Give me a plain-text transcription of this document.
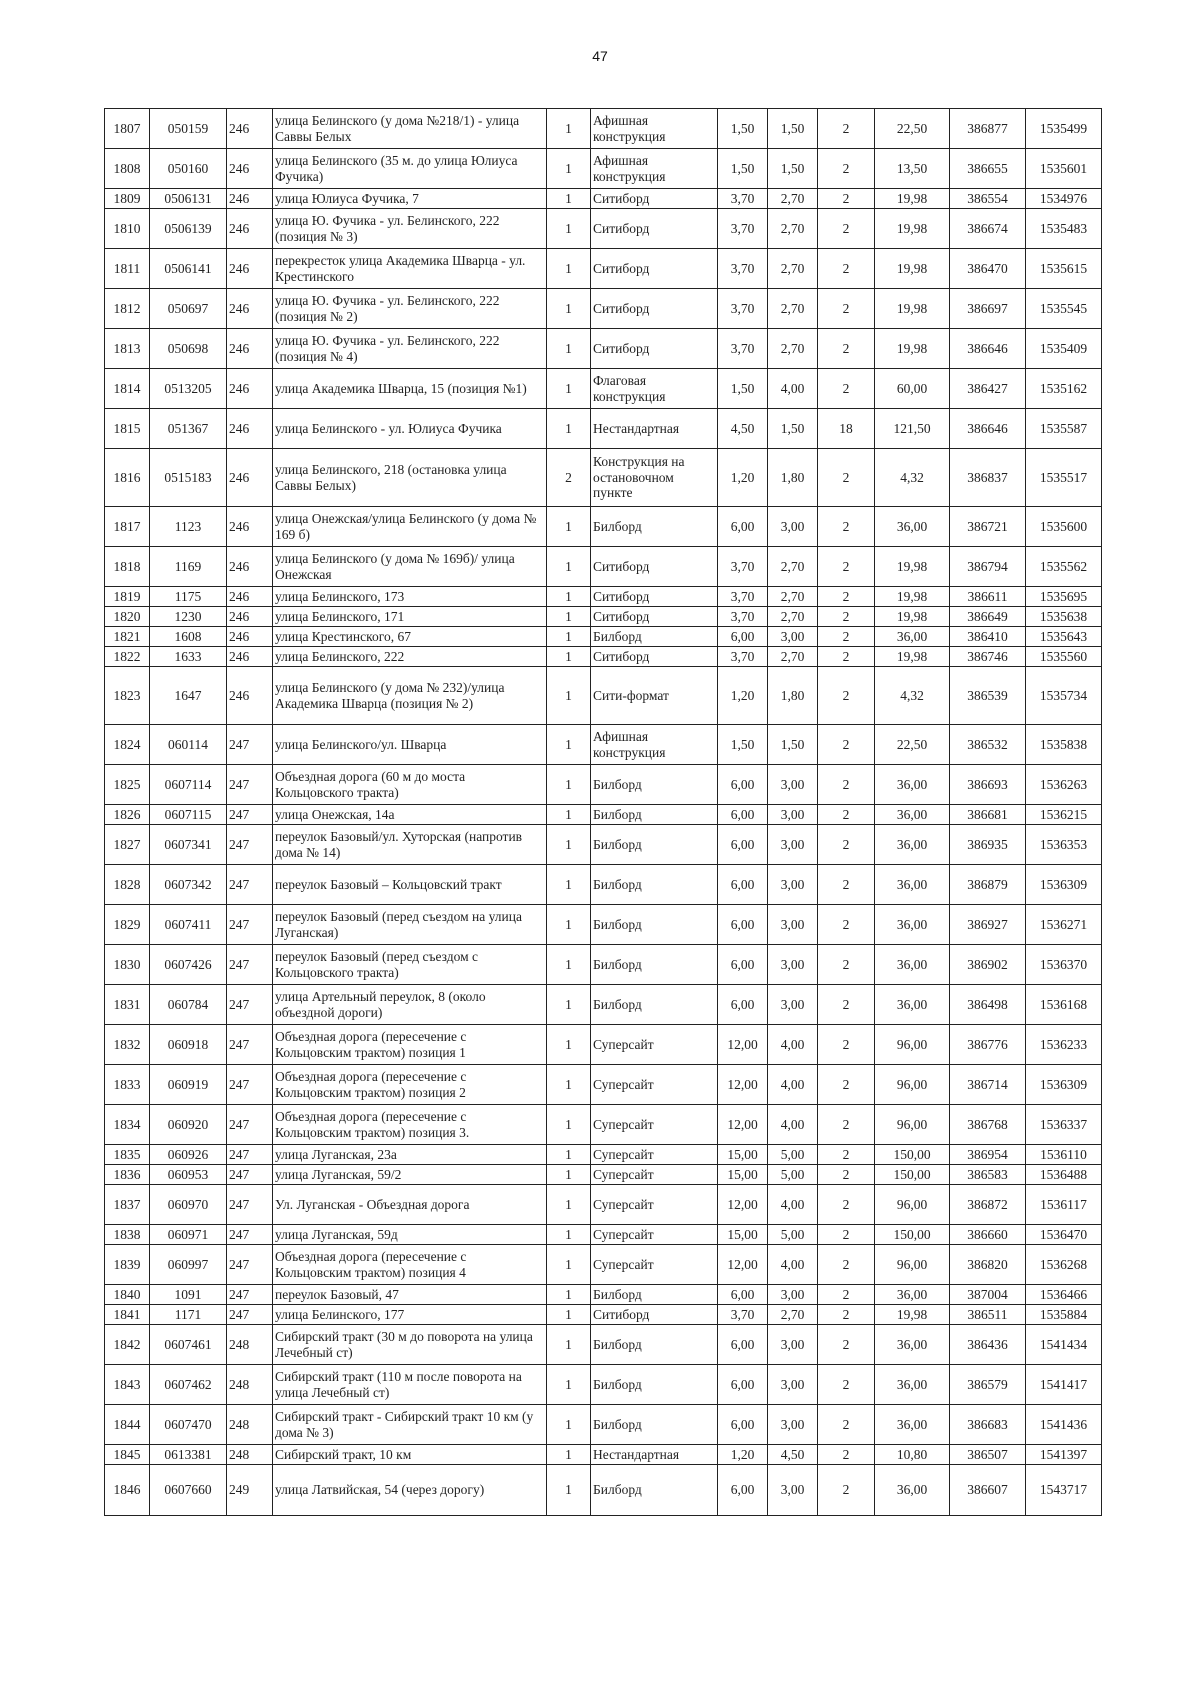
47
1807	050159	246	улица Белинского (у дома №218/1) - улица Саввы Белых	1	Афишная конструкция	1,50	1,50	2	22,50	386877	1535499
1808	050160	246	улица Белинского (35 м. до улица Юлиуса Фучика)	1	Афишная конструкция	1,50	1,50	2	13,50	386655	1535601
1809	0506131	246	улица Юлиуса Фучика, 7	1	Ситиборд	3,70	2,70	2	19,98	386554	1534976
1810	0506139	246	улица Ю. Фучика - ул. Белинского, 222 (позиция № 3)	1	Ситиборд	3,70	2,70	2	19,98	386674	1535483
1811	0506141	246	перекресток улица Академика Шварца - ул. Крестинского	1	Ситиборд	3,70	2,70	2	19,98	386470	1535615
1812	050697	246	улица Ю. Фучика - ул. Белинского, 222 (позиция № 2)	1	Ситиборд	3,70	2,70	2	19,98	386697	1535545
1813	050698	246	улица Ю. Фучика - ул. Белинского, 222 (позиция № 4)	1	Ситиборд	3,70	2,70	2	19,98	386646	1535409
1814	0513205	246	улица Академика Шварца, 15 (позиция №1)	1	Флаговая конструкция	1,50	4,00	2	60,00	386427	1535162
1815	051367	246	улица Белинского - ул. Юлиуса Фучика	1	Нестандартная	4,50	1,50	18	121,50	386646	1535587
1816	0515183	246	улица Белинского, 218 (остановка улица Саввы Белых)	2	Конструкция на остановочном пункте	1,20	1,80	2	4,32	386837	1535517
1817	1123	246	улица Онежская/улица Белинского (у дома № 169 б)	1	Билборд	6,00	3,00	2	36,00	386721	1535600
1818	1169	246	улица Белинского (у дома № 169б)/ улица Онежская	1	Ситиборд	3,70	2,70	2	19,98	386794	1535562
1819	1175	246	улица Белинского, 173	1	Ситиборд	3,70	2,70	2	19,98	386611	1535695
1820	1230	246	улица Белинского, 171	1	Ситиборд	3,70	2,70	2	19,98	386649	1535638
1821	1608	246	улица Крестинского, 67	1	Билборд	6,00	3,00	2	36,00	386410	1535643
1822	1633	246	улица Белинского, 222	1	Ситиборд	3,70	2,70	2	19,98	386746	1535560
1823	1647	246	улица Белинского (у дома № 232)/улица Академика Шварца (позиция № 2)	1	Сити-формат	1,20	1,80	2	4,32	386539	1535734
1824	060114	247	улица Белинского/ул. Шварца	1	Афишная конструкция	1,50	1,50	2	22,50	386532	1535838
1825	0607114	247	Объездная дорога (60 м до моста Кольцовского тракта)	1	Билборд	6,00	3,00	2	36,00	386693	1536263
1826	0607115	247	улица Онежская, 14а	1	Билборд	6,00	3,00	2	36,00	386681	1536215
1827	0607341	247	переулок Базовый/ул. Хуторская (напротив дома № 14)	1	Билборд	6,00	3,00	2	36,00	386935	1536353
1828	0607342	247	переулок Базовый – Кольцовский тракт	1	Билборд	6,00	3,00	2	36,00	386879	1536309
1829	0607411	247	переулок Базовый (перед съездом на улица Луганская)	1	Билборд	6,00	3,00	2	36,00	386927	1536271
1830	0607426	247	переулок Базовый (перед съездом с Кольцовского тракта)	1	Билборд	6,00	3,00	2	36,00	386902	1536370
1831	060784	247	улица Артельный переулок, 8 (около объездной дороги)	1	Билборд	6,00	3,00	2	36,00	386498	1536168
1832	060918	247	Объездная дорога (пересечение с Кольцовским трактом) позиция 1	1	Суперсайт	12,00	4,00	2	96,00	386776	1536233
1833	060919	247	Объездная дорога (пересечение с Кольцовским трактом) позиция 2	1	Суперсайт	12,00	4,00	2	96,00	386714	1536309
1834	060920	247	Объездная дорога (пересечение с Кольцовским трактом) позиция 3.	1	Суперсайт	12,00	4,00	2	96,00	386768	1536337
1835	060926	247	улица Луганская, 23а	1	Суперсайт	15,00	5,00	2	150,00	386954	1536110
1836	060953	247	улица Луганская, 59/2	1	Суперсайт	15,00	5,00	2	150,00	386583	1536488
1837	060970	247	Ул. Луганская - Объездная дорога	1	Суперсайт	12,00	4,00	2	96,00	386872	1536117
1838	060971	247	улица Луганская, 59д	1	Суперсайт	15,00	5,00	2	150,00	386660	1536470
1839	060997	247	Объездная дорога (пересечение с Кольцовским трактом) позиция 4	1	Суперсайт	12,00	4,00	2	96,00	386820	1536268
1840	1091	247	переулок Базовый, 47	1	Билборд	6,00	3,00	2	36,00	387004	1536466
1841	1171	247	улица Белинского, 177	1	Ситиборд	3,70	2,70	2	19,98	386511	1535884
1842	0607461	248	Сибирский тракт (30 м до поворота на улица Лечебный ст)	1	Билборд	6,00	3,00	2	36,00	386436	1541434
1843	0607462	248	Сибирский тракт (110 м после поворота на улица Лечебный ст)	1	Билборд	6,00	3,00	2	36,00	386579	1541417
1844	0607470	248	Сибирский тракт - Сибирский тракт 10 км (у дома № 3)	1	Билборд	6,00	3,00	2	36,00	386683	1541436
1845	0613381	248	Сибирский тракт, 10 км	1	Нестандартная	1,20	4,50	2	10,80	386507	1541397
1846	0607660	249	улица Латвийская, 54 (через дорогу)	1	Билборд	6,00	3,00	2	36,00	386607	1543717
